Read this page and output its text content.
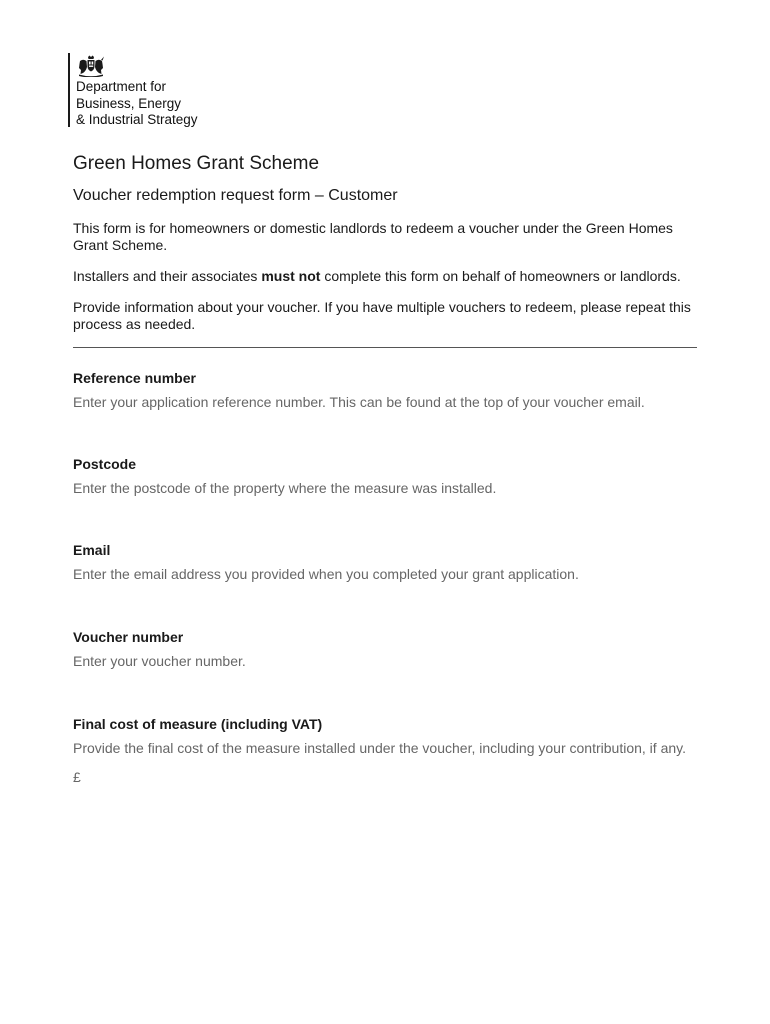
Department for
Business, Energy
& Industrial Strategy
Green Homes Grant Scheme
Voucher redemption request form – Customer

This form is for homeowners or domestic landlords to redeem a voucher under the Green Homes Grant Scheme.

Installers and their associates must not complete this form on behalf of homeowners or landlords.

Provide information about your voucher. If you have multiple vouchers to redeem, please repeat this process as needed.

Reference number
Enter your application reference number. This can be found at the top of your voucher email.
Postcode
Enter the postcode of the property where the measure was installed.
Email
Enter the email address you provided when you completed your grant application.
Voucher number
Enter your voucher number.
Final cost of measure (including VAT)
Provide the final cost of the measure installed under the voucher, including your contribution, if any.
£
